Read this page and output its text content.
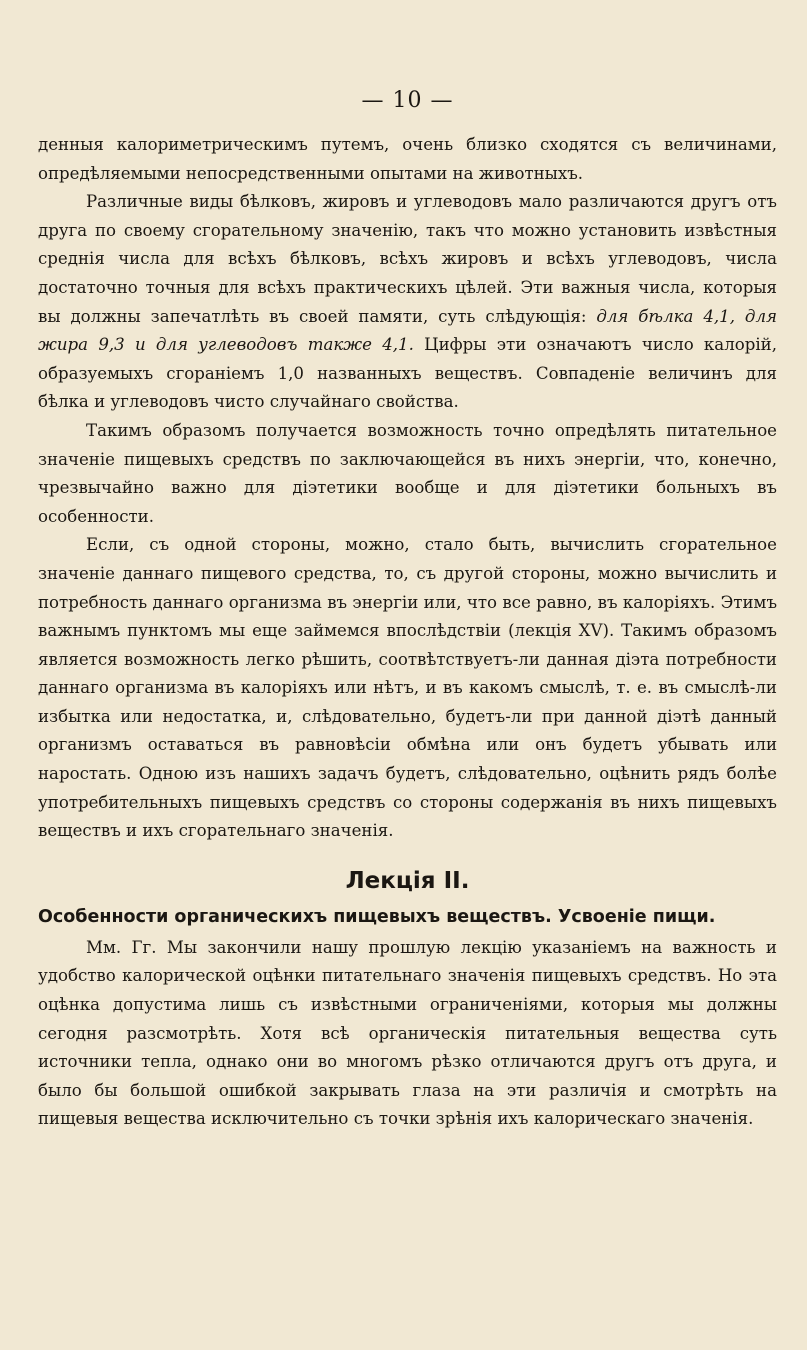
— 10 —

денныя калориметрическимъ путемъ, очень близко сходятся съ величинами, опредѣляемыми непосредственными опытами на животныхъ.

Различные виды бѣлковъ, жировъ и углеводовъ мало различаются другъ отъ друга по своему сгорательному значенію, такъ что можно установить извѣстныя среднія числа для всѣхъ бѣлковъ, всѣхъ жировъ и всѣхъ углеводовъ, числа достаточно точныя для всѣхъ практическихъ цѣлей. Эти важныя числа, которыя вы должны запечатлѣть въ своей памяти, суть слѣдующія: для бѣлка 4,1, для жира 9,3 и для углеводовъ также 4,1. Цифры эти означаютъ число калорій, образуемыхъ сгораніемъ 1,0 названныхъ веществъ. Совпаденіе величинъ для бѣлка и углеводовъ чисто случайнаго свойства.

Такимъ образомъ получается возможность точно опредѣлять питательное значеніе пищевыхъ средствъ по заключающейся въ нихъ энергіи, что, конечно, чрезвычайно важно для діэтетики вообще и для діэтетики больныхъ въ особенности.

Если, съ одной стороны, можно, стало быть, вычислить сгорательное значеніе даннаго пищевого средства, то, съ другой стороны, можно вычислить и потребность даннаго организма въ энергіи или, что все равно, въ калоріяхъ. Этимъ важнымъ пунктомъ мы еще займемся впослѣдствіи (лекція XV). Такимъ образомъ является возможность легко рѣшить, соотвѣтствуетъ-ли данная діэта потребности даннаго организма въ калоріяхъ или нѣтъ, и въ какомъ смыслѣ, т. е. въ смыслѣ-ли избытка или недостатка, и, слѣдовательно, будетъ-ли при данной діэтѣ данный организмъ оставаться въ равновѣсіи обмѣна или онъ будетъ убывать или наростать. Одною изъ нашихъ задачъ будетъ, слѣдовательно, оцѣнить рядъ болѣе употребительныхъ пищевыхъ средствъ со стороны содержанія въ нихъ пищевыхъ веществъ и ихъ сгорательнаго значенія.

Лекція II.
Особенности органическихъ пищевыхъ веществъ. Усвоеніе пищи.

Мм. Гг. Мы закончили нашу прошлую лекцію указаніемъ на важность и удобство калорической оцѣнки питательнаго значенія пищевыхъ средствъ. Но эта оцѣнка допустима лишь съ извѣстными ограниченіями, которыя мы должны сегодня разсмотрѣть. Хотя всѣ органическія питательныя вещества суть источники тепла, однако они во многомъ рѣзко отличаются другъ отъ друга, и было бы большой ошибкой закрывать глаза на эти различія и смотрѣть на пищевыя вещества исключительно съ точки зрѣнія ихъ калорическаго значенія.
